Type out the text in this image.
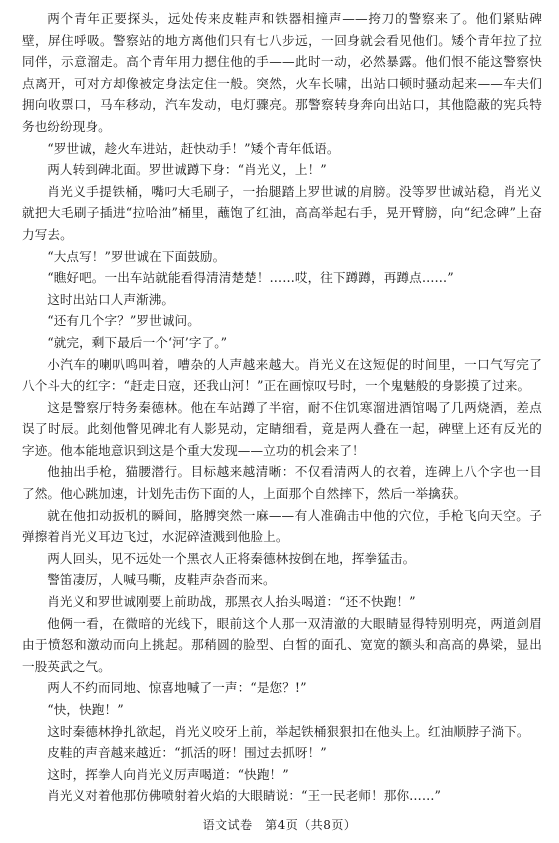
两个青年正要探头，远处传来皮鞋声和铁器相撞声——挎刀的警察来了。他们紧贴碑壁，屏住呼吸。警察站的地方离他们只有七八步远，一回身就会看见他们。矮个青年拉了拉同伴，示意溜走。高个青年用力摁住他的手——此时一动，必然暴露。他们恨不能这警察快点离开，可对方却像被定身法定住一般。突然，火车长啸，出站口顿时骚动起来——车夫们拥向收票口，马车移动，汽车发动，电灯骤亮。那警察转身奔向出站口，其他隐蔽的宪兵特务也纷纷现身。

“罗世诚，趁火车进站，赶快动手！”矮个青年低语。

两人转到碑北面。罗世诚蹲下身：“肖光义，上！”

肖光义手提铁桶，嘴叼大毛刷子，一抬腿踏上罗世诚的肩膀。没等罗世诚站稳，肖光义就把大毛刷子插进“拉哈油”桶里，蘸饱了红油，高高举起右手，晃开臂膀，向“纪念碑”上奋力写去。

“大点写！”罗世诚在下面鼓励。

“瞧好吧。一出车站就能看得清清楚楚！……哎，往下蹲蹲，再蹲点……”

这时出站口人声渐沸。

“还有几个字？”罗世诚问。

“就完，剩下最后一个‘河’字了。”

小汽车的喇叭鸣叫着，嘈杂的人声越来越大。肖光义在这短促的时间里，一口气写完了八个斗大的红字：“赶走日寇，还我山河！”正在画惊叹号时，一个鬼魅般的身影摸了过来。

这是警察厅特务秦德林。他在车站蹲了半宿，耐不住饥寒溜进酒馆喝了几两烧酒，差点误了时辰。此刻他瞥见碑北有人影晃动，定睛细看，竟是两人叠在一起，碑壁上还有反光的字迹。他本能地意识到这是个重大发现——立功的机会来了！

他抽出手枪，猫腰潜行。目标越来越清晰：不仅看清两人的衣着，连碑上八个字也一目了然。他心跳加速，计划先击伤下面的人，上面那个自然摔下，然后一举擒获。

就在他扣动扳机的瞬间，胳膊突然一麻——有人准确击中他的穴位，手枪飞向天空。子弹擦着肖光义耳边飞过，水泥碎渣溅到他脸上。

两人回头，见不远处一个黑衣人正将秦德林按倒在地，挥拳猛击。

警笛凄厉，人喊马嘶，皮鞋声杂沓而来。

肖光义和罗世诚刚要上前助战，那黑衣人抬头喝道：“还不快跑！”

他俩一看，在微暗的光线下，眼前这个人那一双清澈的大眼睛显得特别明亮，两道剑眉由于愤怒和激动而向上挑起。那稍圆的脸型、白皙的面孔、宽宽的额头和高高的鼻梁，显出一股英武之气。

两人不约而同地、惊喜地喊了一声：“是您？!”

“快，快跑！”

这时秦德林挣扎欲起，肖光义咬牙上前，举起铁桶狠狠扣在他头上。红油顺脖子淌下。

皮鞋的声音越来越近：“抓活的呀！围过去抓呀！”

这时，挥拳人向肖光义厉声喝道：“快跑！”

肖光义对着他那仿佛喷射着火焰的大眼睛说：“王一民老师！那你……”

语文试卷　第4页（共8页）
